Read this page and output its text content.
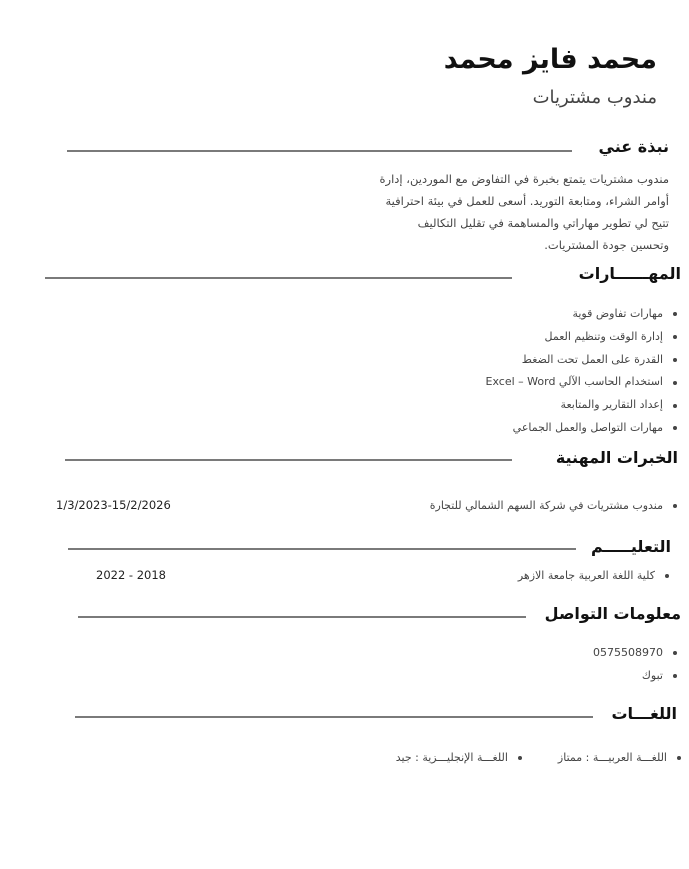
محمد فايز محمد
مندوب مشتريات
نبذة عني

مندوب مشتريات يتمتع بخبرة في التفاوض مع الموردين، إدارة

أوامر الشراء، ومتابعة التوريد. أسعى للعمل في بيئة احترافية

تتيح لي تطوير مهاراتي والمساهمة في تقليل التكاليف

وتحسين جودة المشتريات.

المهــــــارات
مهارات تفاوض قوية
إدارة الوقت وتنظيم العمل
القدرة على العمل تحت الضغط
استخدام الحاسب الآلي Excel – Word
إعداد التقارير والمتابعة
مهارات التواصل والعمل الجماعي
الخبرات المهنية
مندوب مشتريات في شركة السهم الشمالي للتجارة
1/3/2023-15/2/2026
التعليـــــم
كلية اللغة العربية جامعة الازهر
2022 - 2018
معلومات التواصل
0575508970
تبوك
اللغـــات
اللغـــة العربيـــة : ممتاز
اللغـــة الإنجليـــزية : جيد
